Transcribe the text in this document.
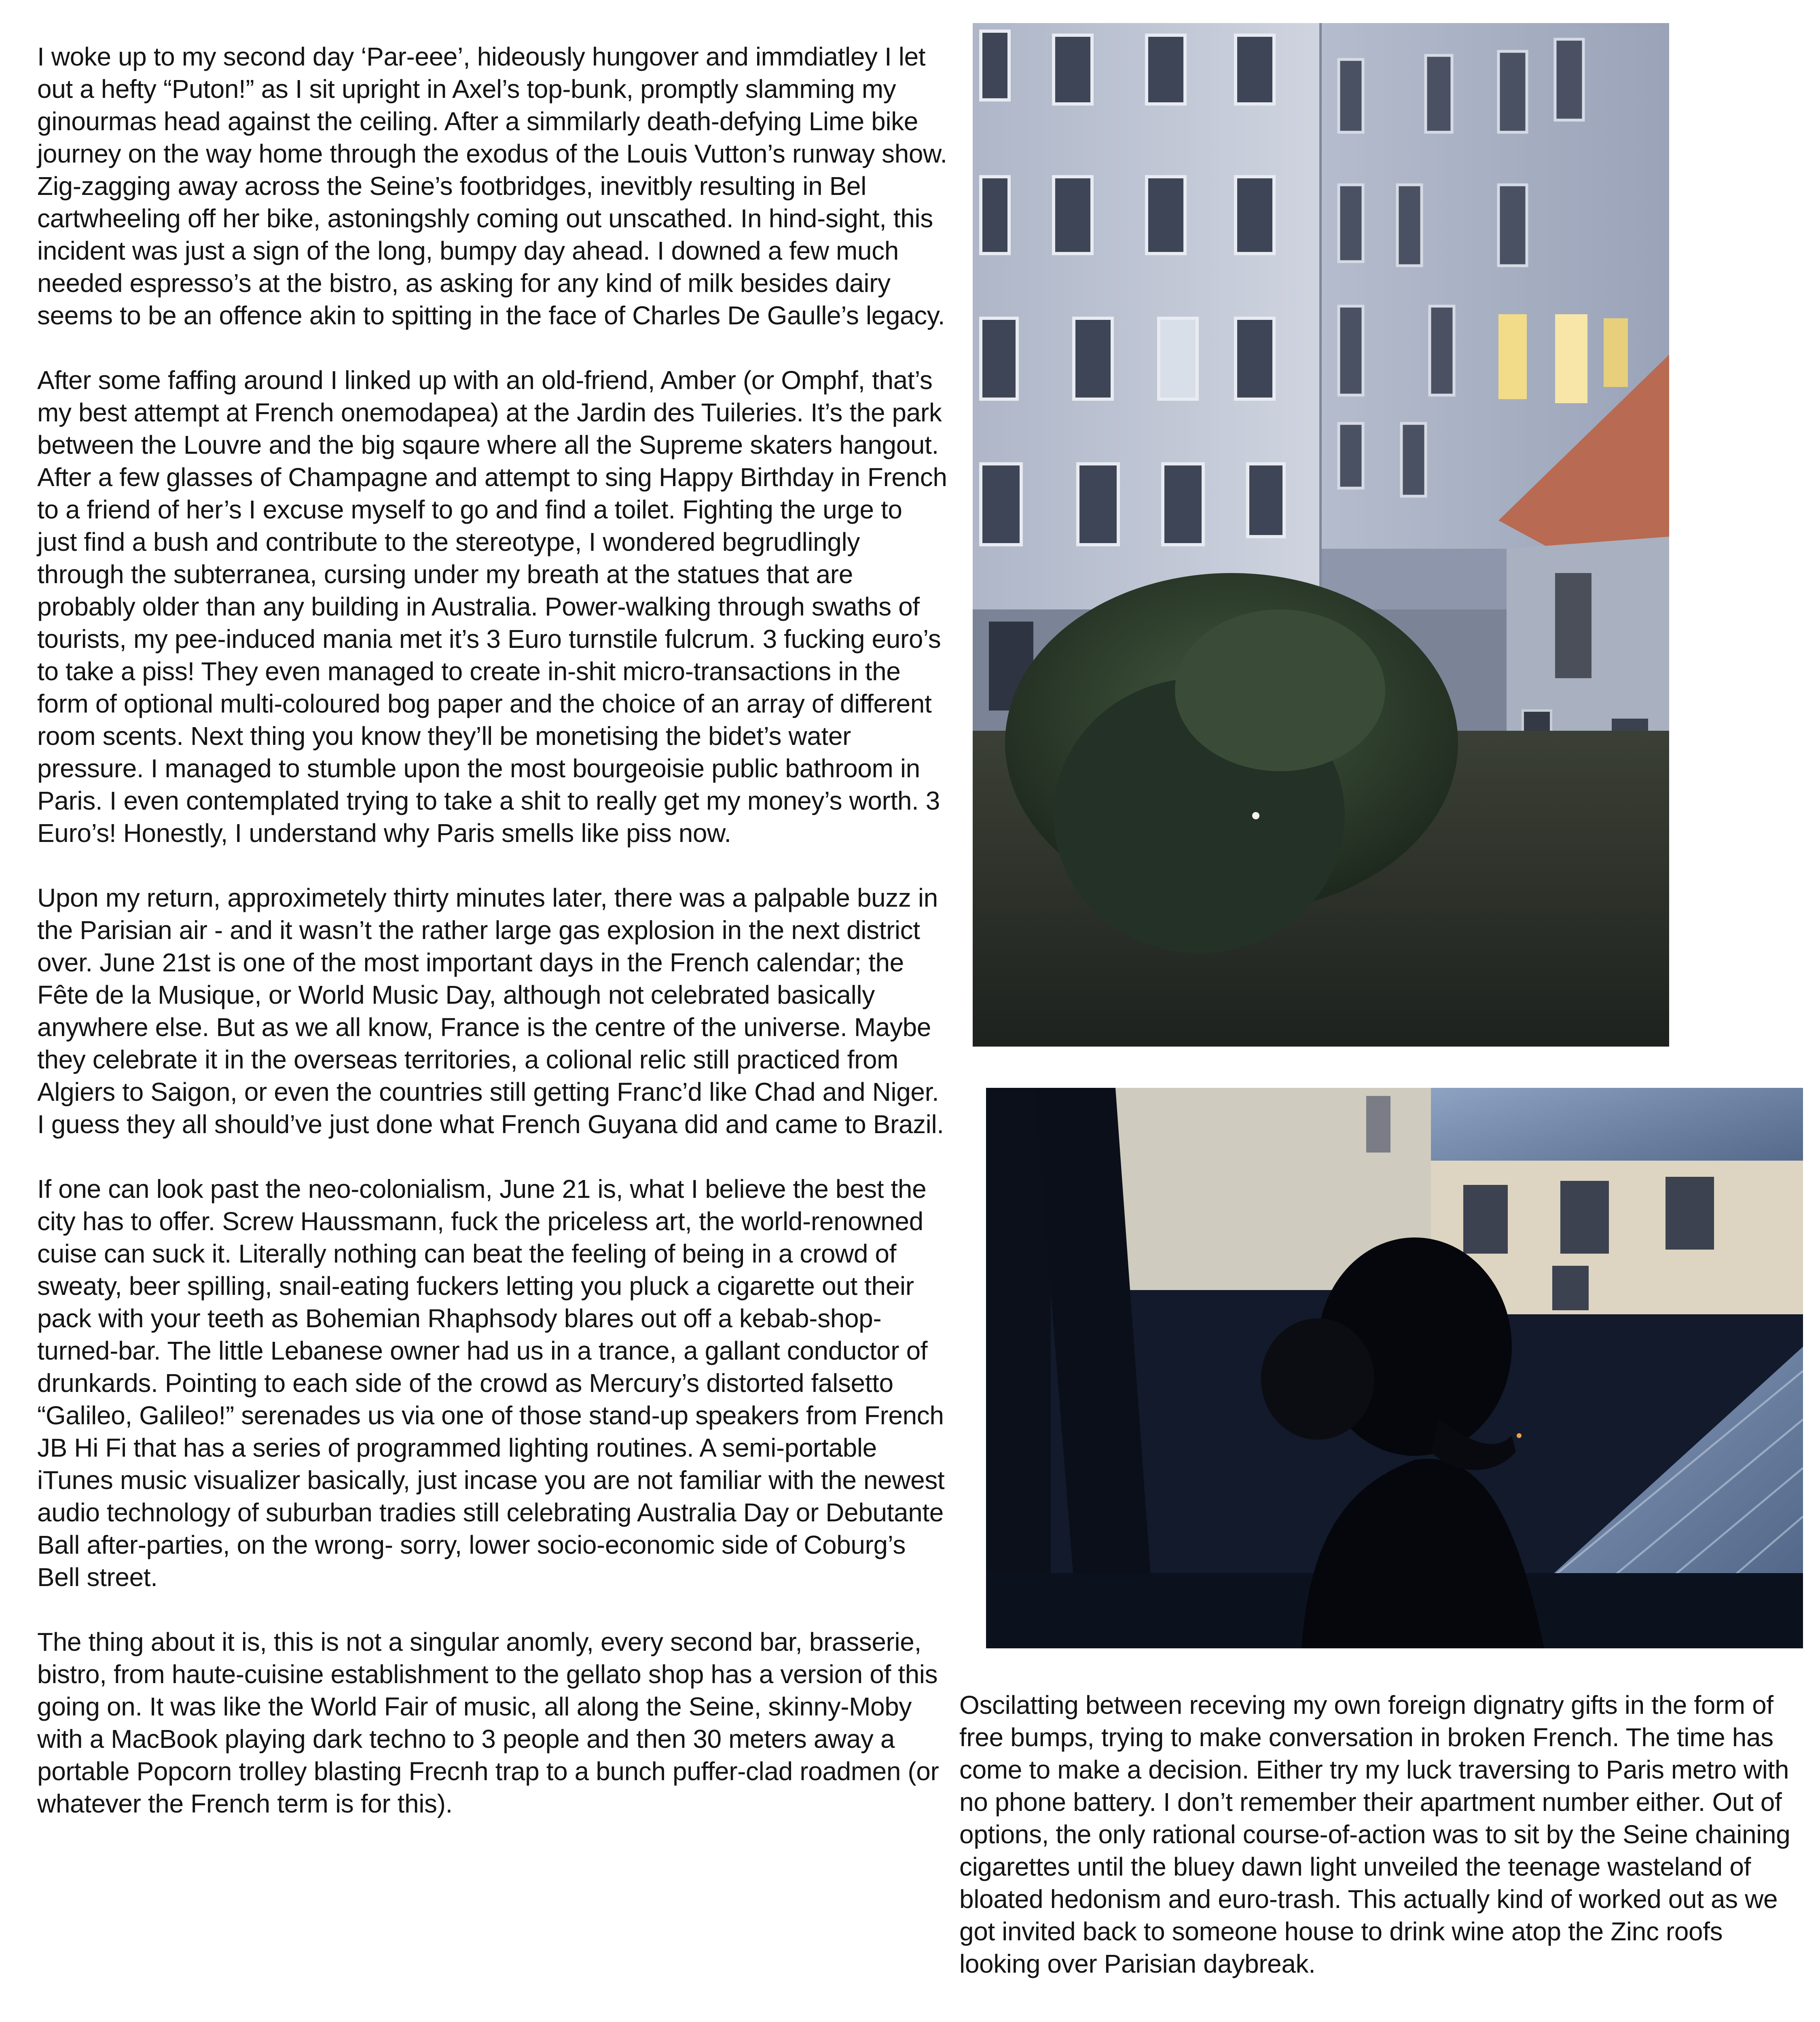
I woke up to my second day ‘Par-eee’, hideously hungover and immdiatley I let out a hefty “Puton!” as I sit upright in Axel’s top-bunk, promptly slamming my ginourmas head against the ceiling. After a simmilarly death-defying Lime bike journey on the way home through the exodus of the Louis Vutton’s runway show. Zig-zagging away across the Seine’s footbridges, inevitbly resulting in Bel cartwheeling off her bike, astoningshly coming out unscathed. In hind-sight, this incident was just a sign of the long, bumpy day ahead. I downed a few much needed espresso’s at the bistro, as asking for any kind of milk besides dairy seems to be an offence akin to spitting in the face of Charles De Gaulle’s legacy.

After some faffing around I linked up with an old-friend, Amber (or Omphf, that’s my best attempt at French onemodapea) at the Jardin des Tuileries. It’s the park between the Louvre and the big sqaure where all the Supreme skaters hangout. After a few glasses of Champagne and attempt to sing Happy Birthday in French to a friend of her’s I excuse myself to go and find a toilet. Fighting the urge to just find a bush and contribute to the stereotype, I wondered begrudlingly through the subterranea, cursing under my breath at the statues that are probably older than any building in Australia. Power-walking through swaths of tourists, my pee-induced mania met it’s 3 Euro turnstile fulcrum. 3 fucking euro’s to take a piss! They even managed to create in-shit micro-transactions in the form of optional multi-coloured bog paper and the choice of an array of different room scents. Next thing you know they’ll be monetising the bidet’s water pressure. I managed to stumble upon the most bourgeoisie public bathroom in Paris. I even contemplated trying to take a shit to really get my money’s worth. 3 Euro’s! Honestly, I understand why Paris smells like piss now.

Upon my return, approximetely thirty minutes later, there was a palpable buzz in the Parisian air - and it wasn’t the rather large gas explosion in the next district over. June 21st is one of the most important days in the French calendar; the Fête de la Musique, or World Music Day, although not celebrated basically anywhere else. But as we all know, France is the centre of the universe. Maybe they celebrate it in the overseas territories, a colional relic still practiced from Algiers to Saigon, or even the countries still getting Franc’d like Chad and Niger. I guess they all should’ve just done what French Guyana did and came to Brazil.

If one can look past the neo-colonialism, June 21 is, what I believe the best the city has to offer. Screw Haussmann, fuck the priceless art, the world-renowned cuise can suck it. Literally nothing can beat the feeling of being in a crowd of sweaty, beer spilling, snail-eating fuckers letting you pluck a cigarette out their pack with your teeth as Bohemian Rhaphsody blares out off a kebab-shop-turned-bar. The little Lebanese owner had us in a trance, a gallant conductor of drunkards. Pointing to each side of the crowd as Mercury’s distorted falsetto “Galileo, Galileo!” serenades us via one of those stand-up speakers from French JB Hi Fi that has a series of programmed lighting routines. A semi-portable iTunes music visualizer basically, just incase you are not familiar with the newest audio technology of suburban tradies still celebrating Australia Day or Debutante Ball after-parties, on the wrong- sorry, lower socio-economic side of Coburg’s Bell street.

The thing about it is, this is not a singular anomly, every second bar, brasserie, bistro, from haute-cuisine establishment to the gellato shop has a version of this going on. It was like the World Fair of music, all along the Seine, skinny-Moby with a MacBook playing dark techno to 3 people and then 30 meters away a portable Popcorn trolley blasting Frecnh trap to a bunch puffer-clad roadmen (or whatever the French term is for this).

Oscilatting between receving my own foreign dignatry gifts in the form of free bumps, trying to make conversation in broken French. The time has come to make a decision. Either try my luck traversing to Paris metro with no phone battery. I don’t remember their apartment number either. Out of options, the only rational course-of-action was to sit by the Seine chaining cigarettes until the bluey dawn light unveiled the teenage wasteland of bloated hedonism and euro-trash. This actually kind of worked out as we got invited back to someone house to drink wine atop the Zinc roofs looking over Parisian daybreak.
